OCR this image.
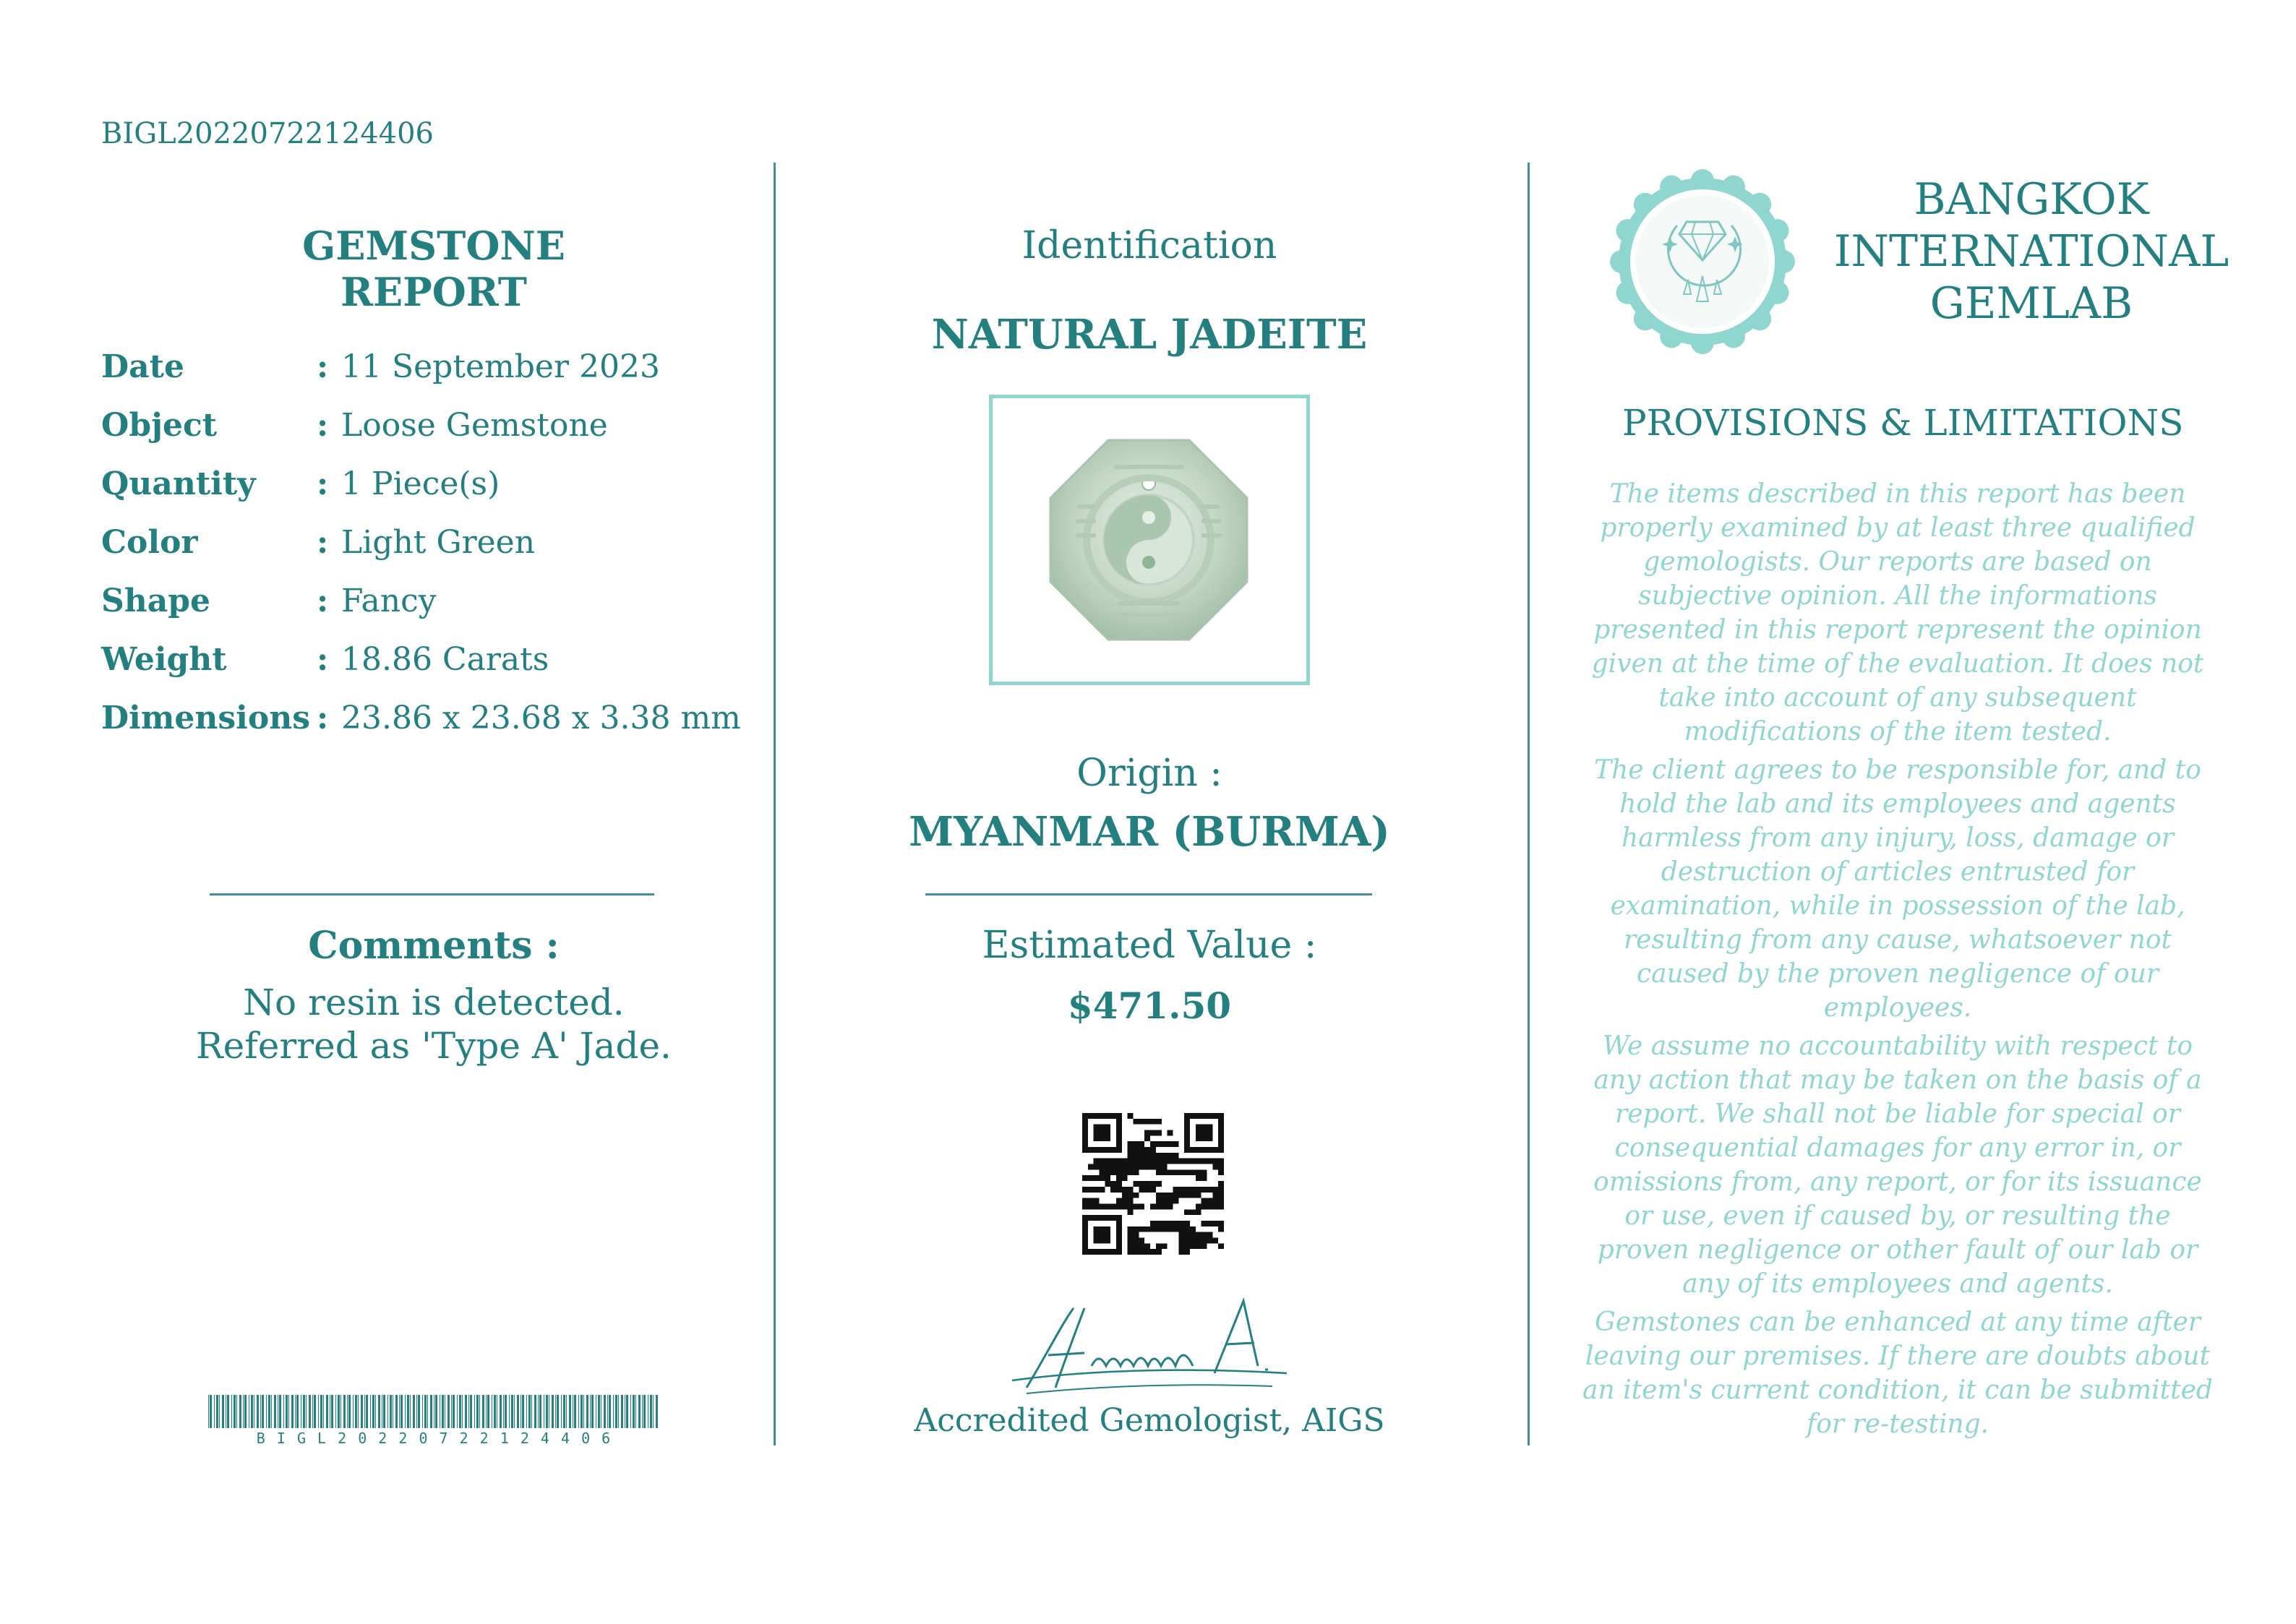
BIGL20220722124406
GEMSTONE REPORT
Date	: 11 September 2023
Object	: Loose Gemstone
Quantity : 1 Piece(s)
Color	: Light Green
Shape	: Fancy
Weight	: 18.86 Carats
Dimensions : 23.86 x 23.68 x 3.38 mm
Comments :
No resin is detected.
Referred as 'Type A' Jade.
B I G L 2 0 2 2 0 7 2 2 1 2 4 4 0 6
Identification
NATURAL JADEITE
Origin :
MYANMAR (BURMA)
Estimated Value :
$471.50
Accredited Gemologist, AIGS
BANGKOK
INTERNATIONAL
GEMLAB
PROVISIONS & LIMITATIONS
The items described in this report has been properly examined by at least three qualified gemologists. Our reports are based on subjective opinion. All the informations presented in this report represent the opinion given at the time of the evaluation. It does not take into account of any subsequent modifications of the item tested.
The client agrees to be responsible for, and to hold the lab and its employees and agents harmless from any injury, loss, damage or destruction of articles entrusted for examination, while in possession of the lab, resulting from any cause, whatsoever not caused by the proven negligence of our employees.
We assume no accountability with respect to any action that may be taken on the basis of a report. We shall not be liable for special or consequential damages for any error in, or omissions from, any report, or for its issuance or use, even if caused by, or resulting the proven negligence or other fault of our lab or any of its employees and agents.
Gemstones can be enhanced at any time after leaving our premises. If there are doubts about an item's current condition, it can be submitted for re-testing.
